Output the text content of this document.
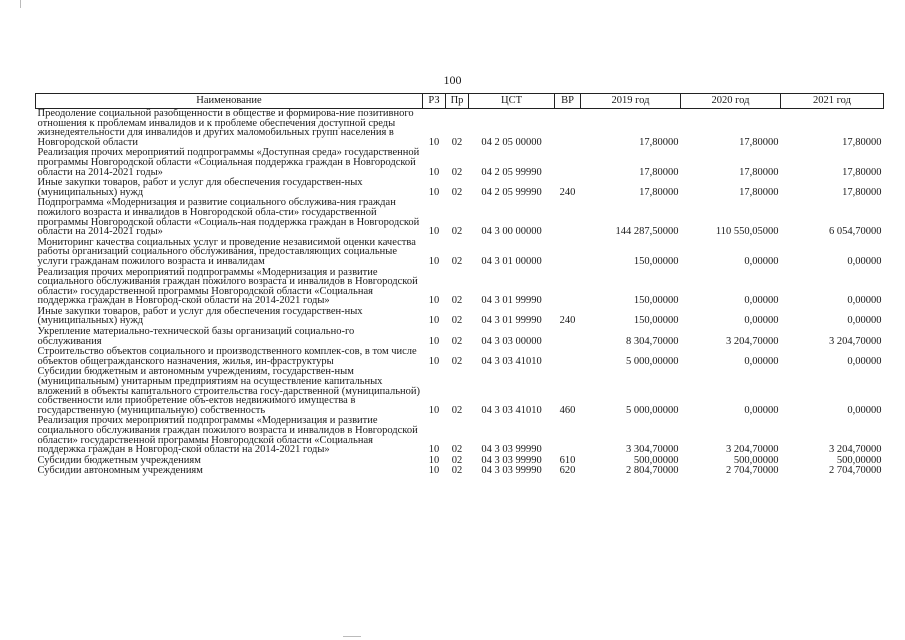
100
Наименование	РЗ	Пр	ЦСТ	ВР	2019 год	2020 год	2021 год
Преодоление социальной разобщенности в обществе и формирова-ние позитивного отношения к проблемам инвалидов и к проблеме обеспечения доступной среды жизнедеятельности для инвалидов и других маломобильных групп населения в Новгородской области	10	02	04 2 05 00000		17,80000	17,80000	17,80000
Реализация прочих мероприятий подпрограммы «Доступная среда» государственной программы Новгородской области «Социальная поддержка граждан в Новгородской области на 2014-2021 годы»	10	02	04 2 05 99990		17,80000	17,80000	17,80000
Иные закупки товаров, работ и услуг для обеспечения государствен-ных (муниципальных) нужд	10	02	04 2 05 99990	240	17,80000	17,80000	17,80000
Подпрограмма «Модернизация и развитие социального обслужива-ния граждан пожилого возраста и инвалидов в Новгородской обла-сти» государственной программы Новгородской области «Социаль-ная поддержка граждан в Новгородской области на 2014-2021 годы»	10	02	04 3 00 00000		144 287,50000	110 550,05000	6 054,70000
Мониторинг качества социальных услуг и проведение независимой оценки качества работы организаций социального обслуживания, предоставляющих социальные услуги гражданам пожилого возраста и инвалидам	10	02	04 3 01 00000		150,00000	0,00000	0,00000
Реализация прочих мероприятий подпрограммы «Модернизация и развитие социального обслуживания граждан пожилого возраста и инвалидов в Новгородской области» государственной программы Новгородской области «Социальная поддержка граждан в Новгород-ской области на 2014-2021 годы»	10	02	04 3 01 99990		150,00000	0,00000	0,00000
Иные закупки товаров, работ и услуг для обеспечения государствен-ных (муниципальных) нужд	10	02	04 3 01 99990	240	150,00000	0,00000	0,00000
Укрепление материально-технической базы организаций социально-го обслуживания	10	02	04 3 03 00000		8 304,70000	3 204,70000	3 204,70000
Строительство объектов социального и производственного комплек-сов, в том числе объектов общегражданского назначения, жилья, ин-фраструктуры	10	02	04 3 03 41010		5 000,00000	0,00000	0,00000
Субсидии бюджетным и автономным учреждениям, государствен-ным (муниципальным) унитарным предприятиям на осуществление капитальных вложений в объекты капитального строительства госу-дарственной (муниципальной) собственности или приобретение объ-ектов недвижимого имущества в государственную (муниципальную) собственность	10	02	04 3 03 41010	460	5 000,00000	0,00000	0,00000
Реализация прочих мероприятий подпрограммы «Модернизация и развитие социального обслуживания граждан пожилого возраста и инвалидов в Новгородской области» государственной программы Новгородской области «Социальная поддержка граждан в Новгород-ской области на 2014-2021 годы»	10	02	04 3 03 99990		3 304,70000	3 204,70000	3 204,70000
Субсидии бюджетным учреждениям	10	02	04 3 03 99990	610	500,00000	500,00000	500,00000
Субсидии автономным учреждениям	10	02	04 3 03 99990	620	2 804,70000	2 704,70000	2 704,70000
